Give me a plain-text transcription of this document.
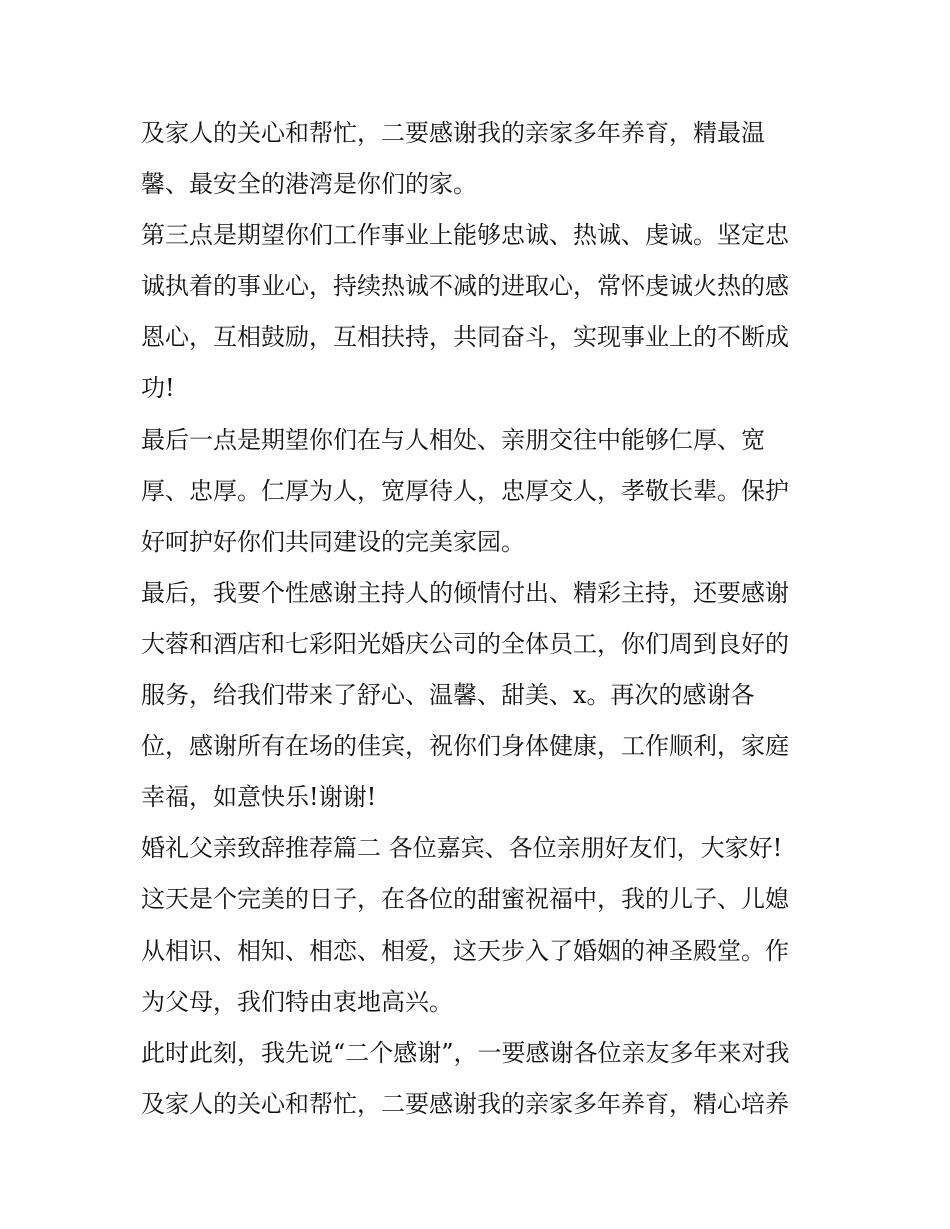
及家人的关心和帮忙，二要感谢我的亲家多年养育，精最温
馨、最安全的港湾是你们的家。
第三点是期望你们工作事业上能够忠诚、热诚、虔诚。坚定忠
诚执着的事业心，持续热诚不减的进取心，常怀虔诚火热的感
恩心，互相鼓励，互相扶持，共同奋斗，实现事业上的不断成
功!
最后一点是期望你们在与人相处、亲朋交往中能够仁厚、宽
厚、忠厚。仁厚为人，宽厚待人，忠厚交人，孝敬长辈。保护
好呵护好你们共同建设的完美家园。
最后，我要个性感谢主持人的倾情付出、精彩主持，还要感谢
大蓉和酒店和七彩阳光婚庆公司的全体员工，你们周到良好的
服务，给我们带来了舒心、温馨、甜美、x。再次的感谢各
位，感谢所有在场的佳宾，祝你们身体健康，工作顺利，家庭
幸福，如意快乐!谢谢!
婚礼父亲致辞推荐篇二 各位嘉宾、各位亲朋好友们，大家好!
这天是个完美的日子，在各位的甜蜜祝福中，我的儿子、儿媳
从相识、相知、相恋、相爱，这天步入了婚姻的神圣殿堂。作
为父母，我们特由衷地高兴。
此时此刻，我先说“二个感谢”，一要感谢各位亲友多年来对我
及家人的关心和帮忙，二要感谢我的亲家多年养育，精心培养
